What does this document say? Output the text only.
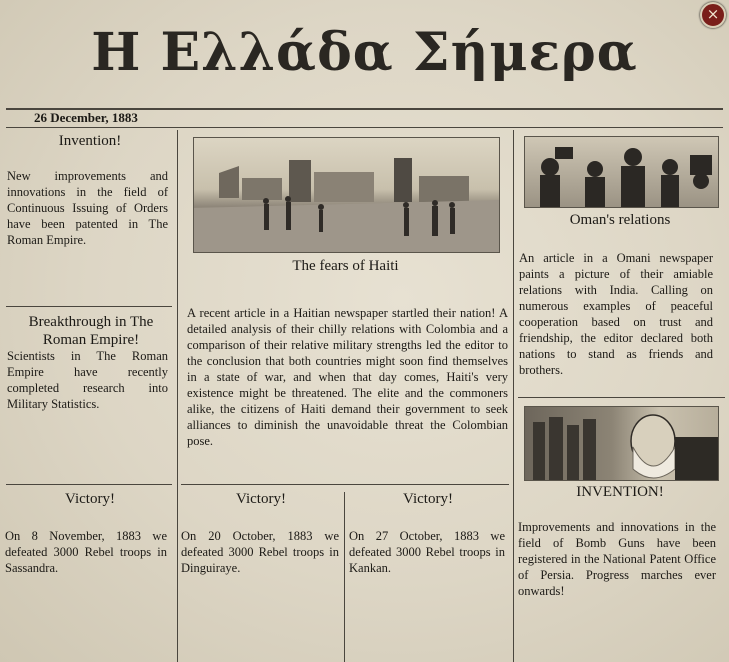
Η Ελλάδα Σήμερα
×
26 December, 1883
Invention!
New improvements and innovations in the field of Continuous Issuing of Orders have been patented in The Roman Empire.
Breakthrough in The Roman Empire!
Scientists in The Roman Empire have recently completed research into Military Statistics.
Victory!
On 8 November, 1883 we defeated 3000 Rebel troops in Sassandra.
The fears of Haiti
A recent article in a Haitian newspaper startled their nation! A detailed analysis of their chilly relations with Colombia and a comparison of their relative military strengths led the editor to the conclusion that both countries might soon find themselves in a state of war, and when that day comes, Haiti's very existence might be threatened. The elite and the commoners alike, the citizens of Haiti demand their government to seek alliances to diminish the unavoidable threat the Colombian pose.
Victory!
On 20 October, 1883 we defeated 3000 Rebel troops in Dinguiraye.
Victory!
On 27 October, 1883 we defeated 3000 Rebel troops in Kankan.
Oman's relations
An article in a Omani newspaper paints a picture of their amiable relations with India. Calling on numerous examples of peaceful cooperation based on trust and friendship, the editor declared both nations to stand as friends and brothers.
INVENTION!
Improvements and innovations in the field of Bomb Guns have been registered in the National Patent Office of Persia. Progress marches ever onwards!
